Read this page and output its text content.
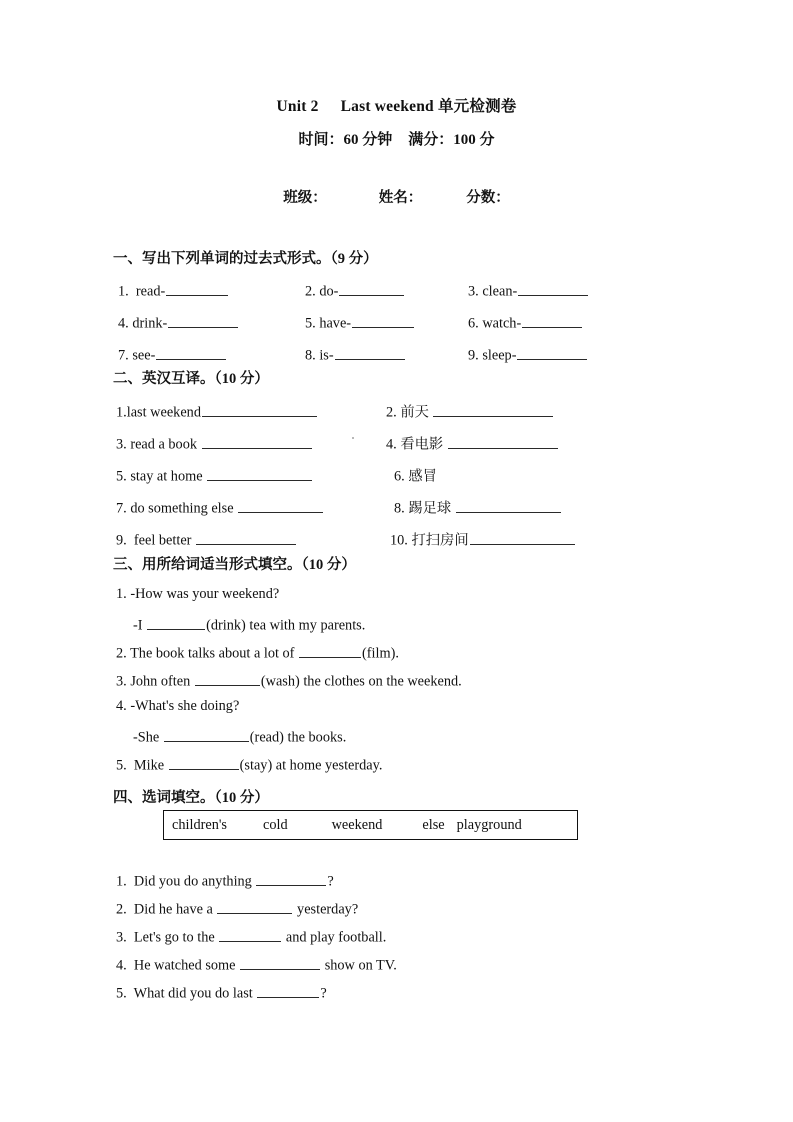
Unit 2 Last weekend 单元检测卷
时间：60 分钟 满分：100 分
班级：	姓名：	分数：
一、写出下列单词的过去式形式。（9 分）
1. read-	2. do-	3. clean-
4. drink-	5. have-	6. watch-
7. see-	8. is-	9. sleep-
二、英汉互译。（10 分）
1.last weekend	2. 前天
3. read a book	4. 看电影
5. stay at home	6. 感冒
7. do something else	8. 踢足球
9. feel better	10. 打扫房间
三、用所给词适当形式填空。（10 分）
1. -How was your weekend?
-I	(drink) tea with my parents.
2. The book talks about a lot of	(film).
3. John often	(wash) the clothes on the weekend.
4. -What's she doing?
-She	(read) the books.
5. Mike	(stay) at home yesterday.
四、选词填空。（10 分）
children's	cold	weekend	else playground
1. Did you do anything	?
2. Did he have a	yesterday?
3. Let's go to the	and play football.
4. He watched some	show on TV.
5. What did you do last	?
